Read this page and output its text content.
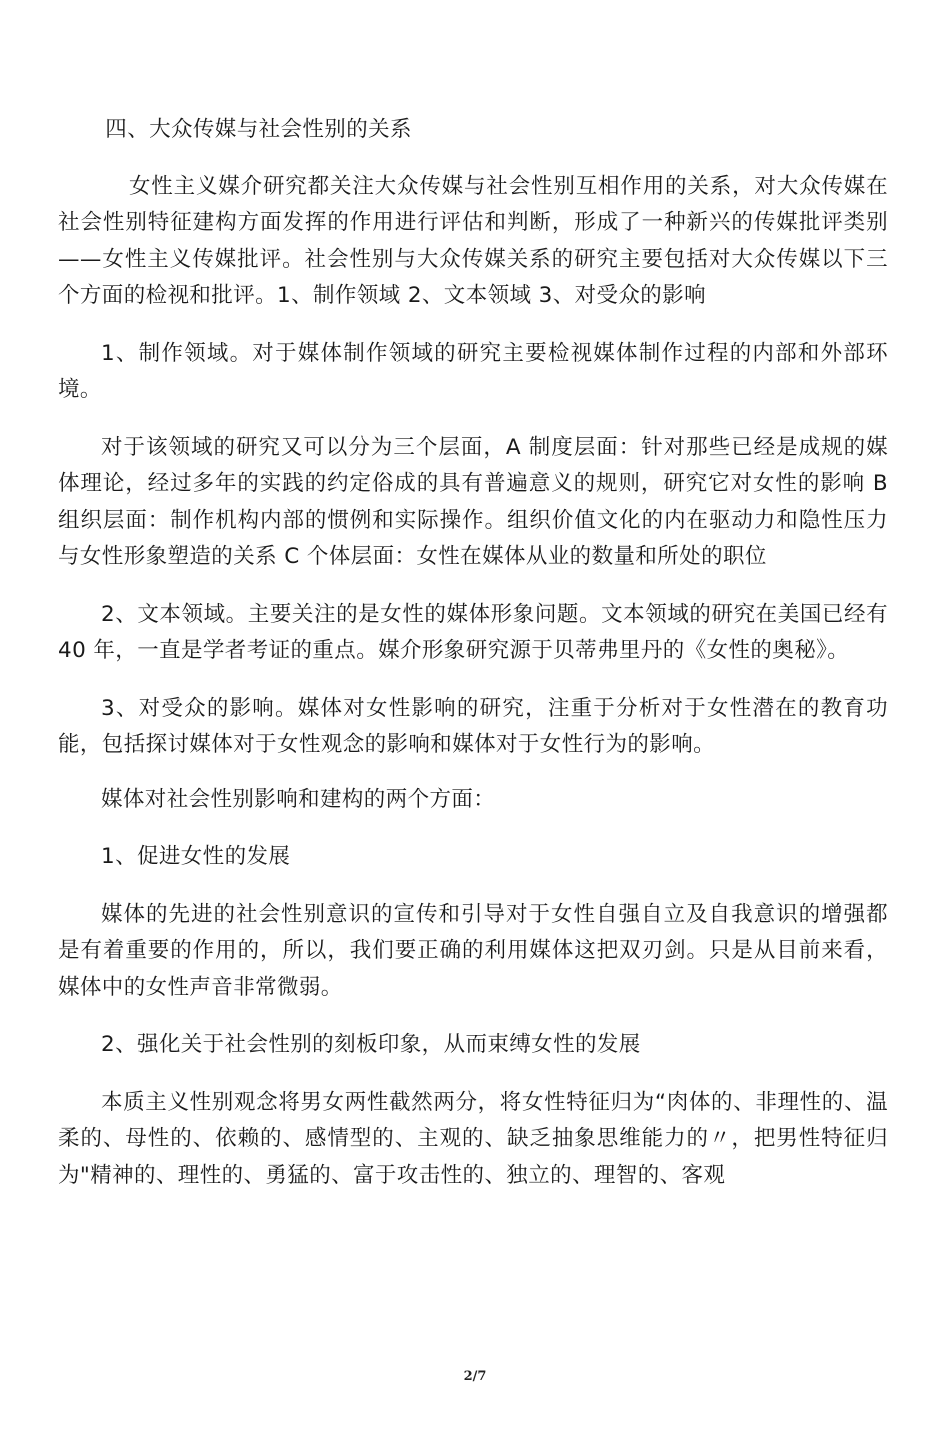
四、大众传媒与社会性别的关系

女性主义媒介研究都关注大众传媒与社会性别互相作用的关系，对大众传媒在社会性别特征建构方面发挥的作用进行评估和判断，形成了一种新兴的传媒批评类别——女性主义传媒批评。社会性别与大众传媒关系的研究主要包括对大众传媒以下三个方面的检视和批评。1、制作领域 2、文本领域 3、对受众的影响

1、制作领域。对于媒体制作领域的研究主要检视媒体制作过程的内部和外部环境。

对于该领域的研究又可以分为三个层面，A 制度层面：针对那些已经是成规的媒体理论，经过多年的实践的约定俗成的具有普遍意义的规则，研究它对女性的影响 B 组织层面：制作机构内部的惯例和实际操作。组织价值文化的内在驱动力和隐性压力与女性形象塑造的关系 C 个体层面：女性在媒体从业的数量和所处的职位

2、文本领域。主要关注的是女性的媒体形象问题。文本领域的研究在美国已经有 40 年，一直是学者考证的重点。媒介形象研究源于贝蒂弗里丹的《女性的奥秘》。

3、对受众的影响。媒体对女性影响的研究，注重于分析对于女性潜在的教育功能，包括探讨媒体对于女性观念的影响和媒体对于女性行为的影响。

媒体对社会性别影响和建构的两个方面：

1、促进女性的发展

媒体的先进的社会性别意识的宣传和引导对于女性自强自立及自我意识的增强都是有着重要的作用的，所以，我们要正确的利用媒体这把双刃剑。只是从目前来看，媒体中的女性声音非常微弱。

2、强化关于社会性别的刻板印象，从而束缚女性的发展

本质主义性别观念将男女两性截然两分，将女性特征归为“肉体的、非理性的、温柔的、母性的、依赖的、感情型的、主观的、缺乏抽象思维能力的〃，把男性特征归为"精神的、理性的、勇猛的、富于攻击性的、独立的、理智的、客观

2/7
